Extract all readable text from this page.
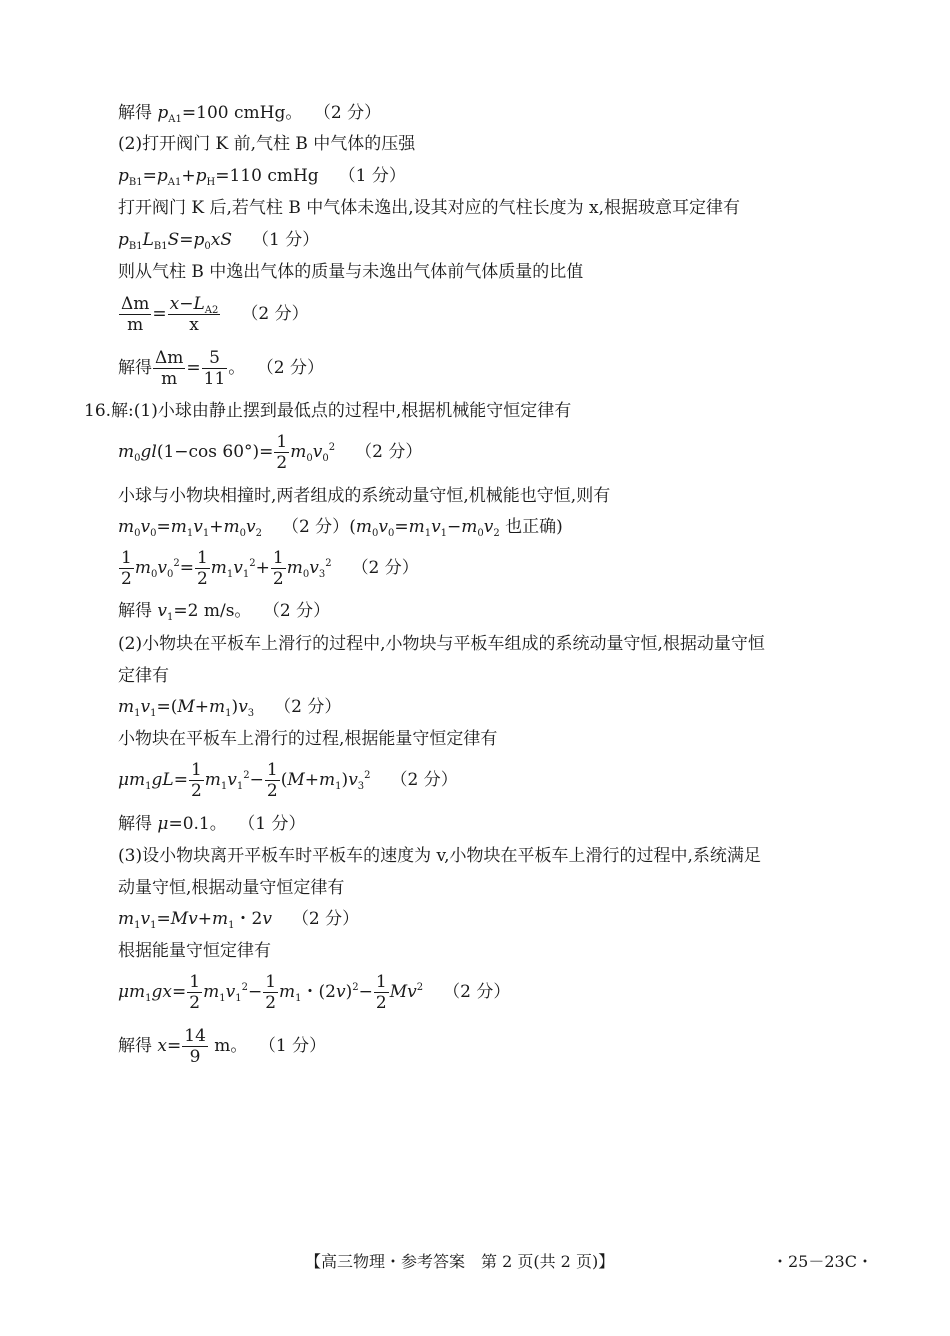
解得 $p_{A1}=100$ cmHg。 （2 分）
(2)打开阀门 K 前,气柱 B 中气体的压强
$p_{B1}=p_{A1}+p_H=110$ cmHg （1 分）
打开阀门 K 后,若气柱 B 中气体未逸出,设其对应的气柱长度为 x,根据玻意耳定律有
$p_{B1}L_{B1}S=p_0xS$ （1 分）
则从气柱 B 中逸出气体的质量与未逸出气体前气体质量的比值
$\frac{\Delta m}{m} = \frac{x-L_{A2}}{x} (2$ 分）
解得 $\frac{\Delta m}{m} = \frac{5}{11}$ 。 （2 分）
16.解:(1)小球由静止摆到最低点的过程中,根据机械能守恒定律有
$m_0gl(1-\cos$ $60^\circ)= \frac{1}{2} m_0v_0^2$ （2 分）
小球与小物块相撞时,两者组成的系统动量守恒,机械能也守恒,则有
$m_0v_0=m_1v_1+m_0v_2$ （2 分）($m_0v_0=m_1v_1-m_0v_2$ 也正确)
$\frac{1}{2} m_0v_0^2= \frac{1}{2} m_1v_1^2+ \frac{1}{2} m_0v_3^2$ （2 分）
解得 $v_1=2$ m/s。 （2 分）
(2)小物块在平板车上滑行的过程中,小物块与平板车组成的系统动量守恒,根据动量守恒
定律有
$m_1v_1=(M+m_1)v_3$ （2 分）
小物块在平板车上滑行的过程,根据能量守恒定律有
$\mu m_1gL= \frac{1}{2} m_1v_1^2- \frac{1}{2} (M+m_1)v_3^2$ （2 分）
解得 μ=0.1。 （1 分）
(3)设小物块离开平板车时平板车的速度为 v,小物块在平板车上滑行的过程中,系统满足
动量守恒,根据动量守恒定律有
$m_1v_1=Mv+m_1$・2v （2 分）
根据能量守恒定律有
$\mu m_1gx= \frac{1}{2} m_1v_1^2- \frac{1}{2} m_1$・$(2v)^2- \frac{1}{2} Mv^2$ （2 分）
解得 $x= \frac{14}{9}$ m。 （1 分）
【高三物理・参考答案　第 2 页(共 2 页)】	・25－23C・
